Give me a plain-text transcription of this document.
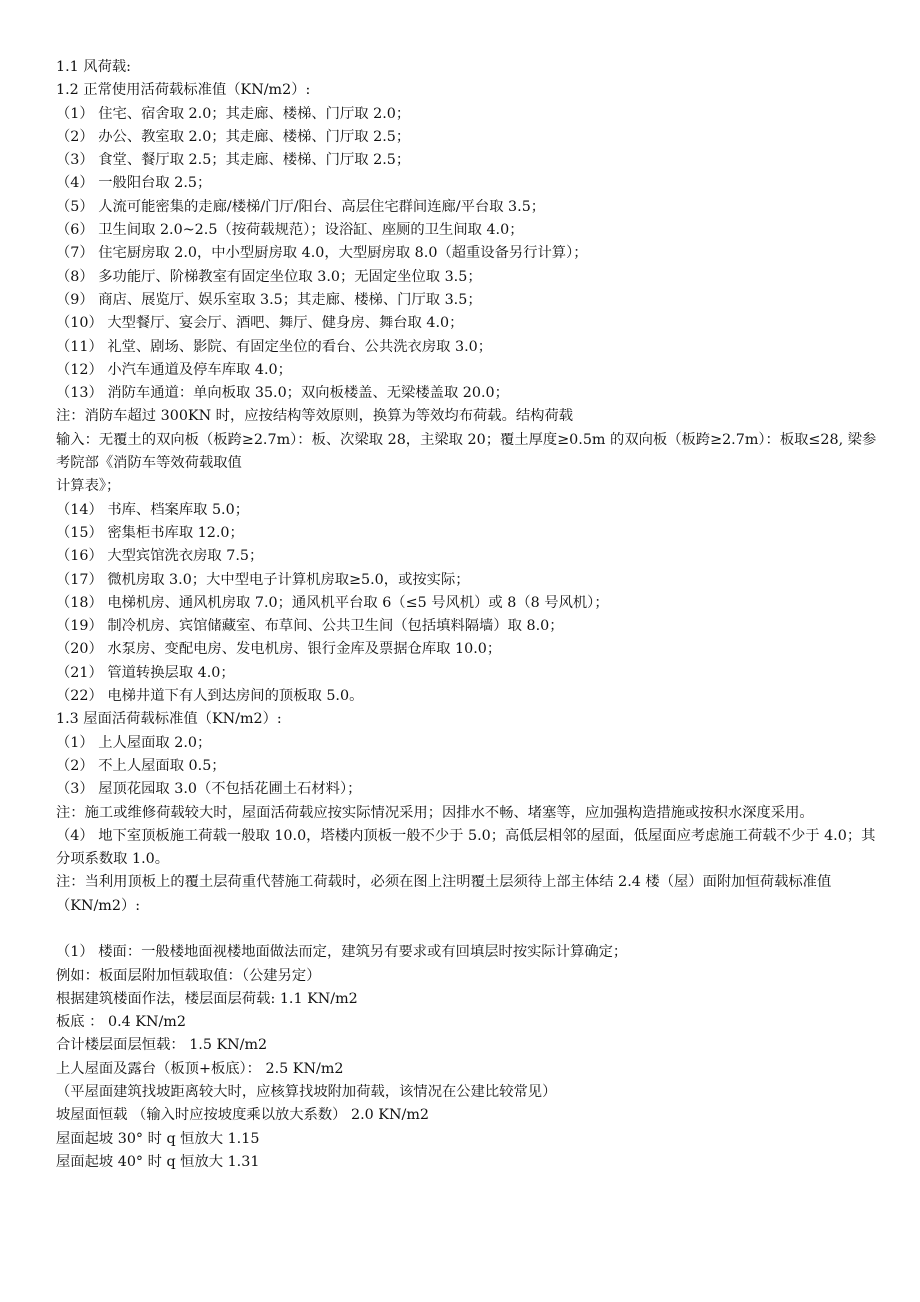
1.1 风荷载:
1.2 正常使用活荷载标准值（KN/m2）:
（1） 住宅、宿舍取 2.0；其走廊、楼梯、门厅取 2.0；
（2） 办公、教室取 2.0；其走廊、楼梯、门厅取 2.5；
（3） 食堂、餐厅取 2.5；其走廊、楼梯、门厅取 2.5；
（4） 一般阳台取 2.5；
（5） 人流可能密集的走廊/楼梯/门厅/阳台、高层住宅群间连廊/平台取 3.5；
（6） 卫生间取 2.0~2.5（按荷载规范）；设浴缸、座厕的卫生间取 4.0；
（7） 住宅厨房取 2.0，中小型厨房取 4.0，大型厨房取 8.0（超重设备另行计算）；
（8） 多功能厅、阶梯教室有固定坐位取 3.0；无固定坐位取 3.5；
（9） 商店、展览厅、娱乐室取 3.5；其走廊、楼梯、门厅取 3.5；
（10） 大型餐厅、宴会厅、酒吧、舞厅、健身房、舞台取 4.0；
（11） 礼堂、剧场、影院、有固定坐位的看台、公共洗衣房取 3.0；
（12） 小汽车通道及停车库取 4.0；
（13） 消防车通道：单向板取 35.0；双向板楼盖、无梁楼盖取 20.0；
注：消防车超过 300KN 时，应按结构等效原则，换算为等效均布荷载。结构荷载
输入：无覆土的双向板（板跨≥2.7m）：板、次梁取 28，主梁取 20；覆土厚度≥0.5m 的双向板（板跨≥2.7m）：板取≤28, 梁参考院部《消防车等效荷载取值
计算表》；
（14） 书库、档案库取 5.0；
（15） 密集柜书库取 12.0；
（16） 大型宾馆洗衣房取 7.5；
（17） 微机房取 3.0；大中型电子计算机房取≥5.0，或按实际；
（18） 电梯机房、通风机房取 7.0；通风机平台取 6（≤5 号风机）或 8（8 号风机）；
（19） 制冷机房、宾馆储藏室、布草间、公共卫生间（包括填料隔墙）取 8.0；
（20） 水泵房、变配电房、发电机房、银行金库及票据仓库取 10.0；
（21） 管道转换层取 4.0；
（22） 电梯井道下有人到达房间的顶板取 5.0。
1.3 屋面活荷载标准值（KN/m2）:
（1） 上人屋面取 2.0；
（2） 不上人屋面取 0.5；
（3） 屋顶花园取 3.0（不包括花圃土石材料）；
注：施工或维修荷载较大时，屋面活荷载应按实际情况采用；因排水不畅、堵塞等，应加强构造措施或按积水深度采用。
（4） 地下室顶板施工荷载一般取 10.0，塔楼内顶板一般不少于 5.0；高低层相邻的屋面，低屋面应考虑施工荷载不少于 4.0；其分项系数取 1.0。
注：当利用顶板上的覆土层荷重代替施工荷载时，必须在图上注明覆土层须待上部主体结 2.4 楼（屋）面附加恒荷载标准值（KN/m2）:
（1） 楼面：一般楼地面视楼地面做法而定，建筑另有要求或有回填层时按实际计算确定；
例如：板面层附加恒载取值：（公建另定）
根据建筑楼面作法，楼层面层荷载: 1.1 KN/m2
板底 ： 0.4 KN/m2
合计楼层面层恒载： 1.5 KN/m2
上人屋面及露台（板顶+板底）： 2.5 KN/m2
（平屋面建筑找坡距离较大时，应核算找坡附加荷载，该情况在公建比较常见）
坡屋面恒载 （输入时应按坡度乘以放大系数） 2.0 KN/m2
屋面起坡 30° 时 q 恒放大 1.15
屋面起坡 40° 时 q 恒放大 1.31
